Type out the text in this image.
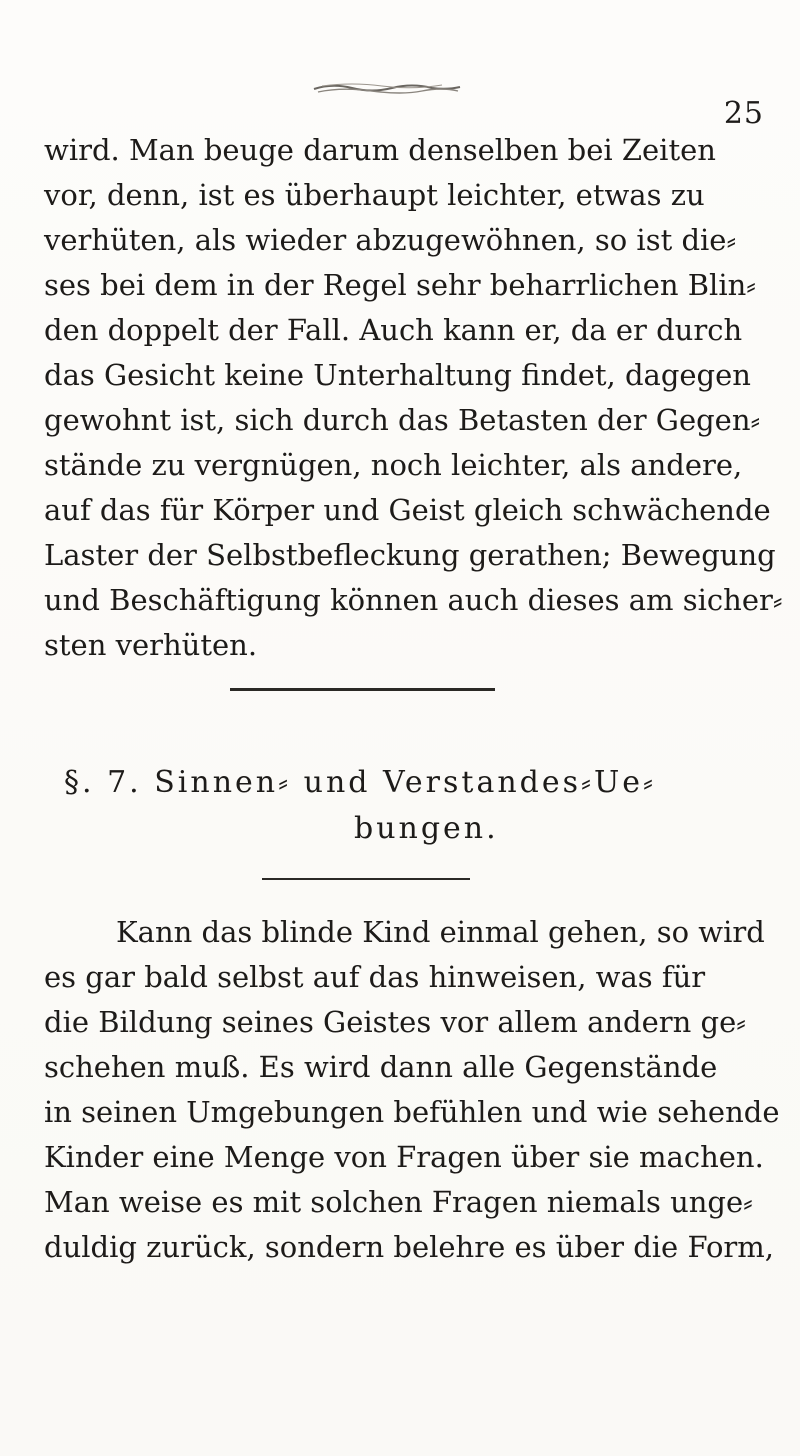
25

wird. Man beuge darum denselben bei Zeiten
vor, denn, ist es überhaupt leichter, etwas zu
verhüten, als wieder abzugewöhnen, so ist die⸗
ses bei dem in der Regel sehr beharrlichen Blin⸗
den doppelt der Fall. Auch kann er, da er durch
das Gesicht keine Unterhaltung findet, dagegen
gewohnt ist, sich durch das Betasten der Gegen⸗
stände zu vergnügen, noch leichter, als andere,
auf das für Körper und Geist gleich schwächende
Laster der Selbstbefleckung gerathen; Bewegung
und Beschäftigung können auch dieses am sicher⸗
sten verhüten.

§. 7. Sinnen⸗ und Verstandes⸗Ue⸗
bungen.

Kann das blinde Kind einmal gehen, so wird
es gar bald selbst auf das hinweisen, was für
die Bildung seines Geistes vor allem andern ge⸗
schehen muß. Es wird dann alle Gegenstände
in seinen Umgebungen befühlen und wie sehende
Kinder eine Menge von Fragen über sie machen.
Man weise es mit solchen Fragen niemals unge⸗
duldig zurück, sondern belehre es über die Form,
